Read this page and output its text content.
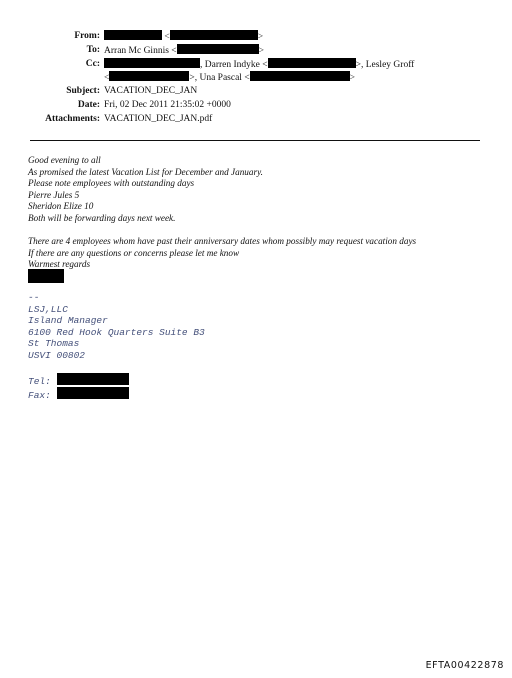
From:	<	>
To: Arran Mc Ginnis <	>
Cc:	, Darren Indyke <	>, Lesley Groff
<	>, Una Pascal <	>
Subject: VACATION_DEC_JAN
Date: Fri, 02 Dec 2011 21:35:02 +0000
Attachments: VACATION_DEC_JAN.pdf
Good evening to all
As promised the latest Vacation List for December and January.
Please note employees with outstanding days
Pierre Jules 5
Sheridon Elize 10
Both will be forwarding days next week.
There are 4 employees whom have past their anniversary dates whom possibly may request vacation days
If there are any questions or concerns please let me know
Warmest regards
--
LSJ,LLC
Island Manager
6100 Red Hook Quarters Suite B3
St Thomas
USVI 00802
Tel:
Fax:
EFTA00422878
